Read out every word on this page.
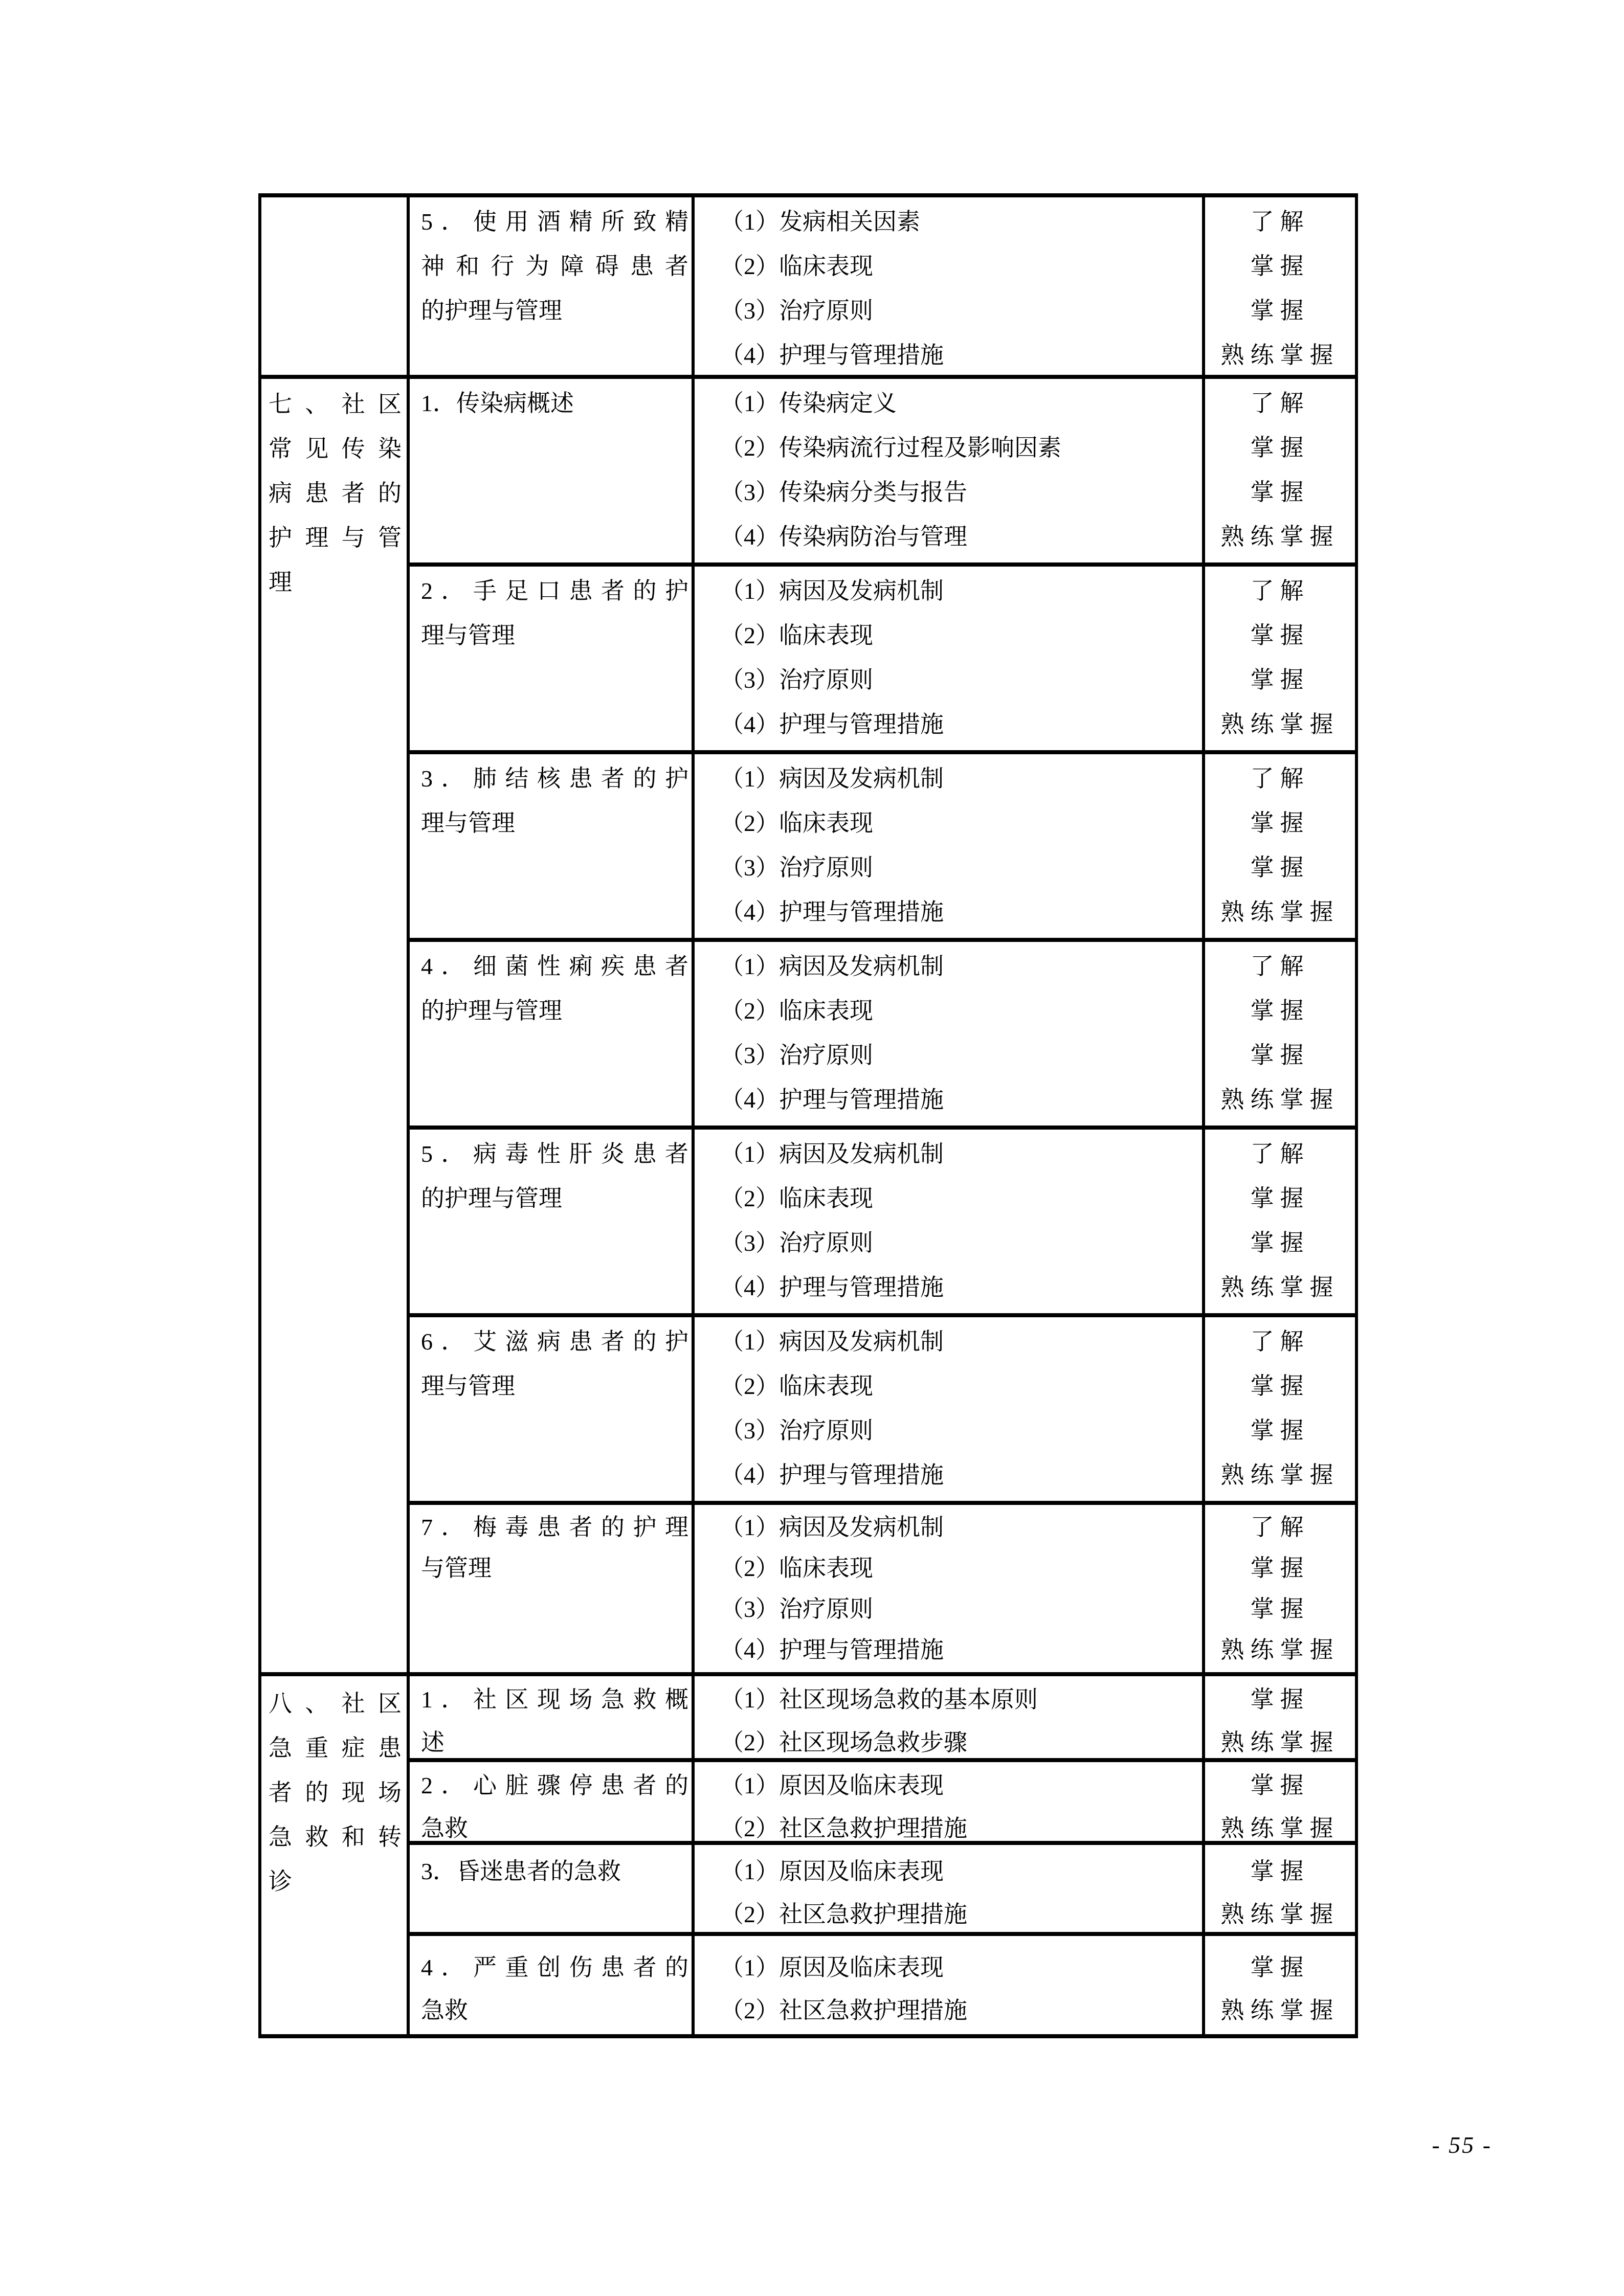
5 ． 使 用 酒 精 所 致 精
神 和 行 为 障 碍 患 者
的护理与管理
（1）发病相关因素
（2）临床表现
（3）治疗原则
（4）护理与管理措施
了解
掌握
掌握
熟练掌握
七 、 社 区
常 见 传 染
病 患 者 的
护 理 与 管
理
1．传染病概述	（1）传染病定义
（2）传染病流行过程及影响因素
（3）传染病分类与报告
（4）传染病防治与管理
了解
掌握
掌握
熟练掌握
2 ． 手 足 口 患 者 的 护
理与管理
（1）病因及发病机制
（2）临床表现
（3）治疗原则
（4）护理与管理措施
了解
掌握
掌握
熟练掌握
3 ． 肺 结 核 患 者 的 护
理与管理
（1）病因及发病机制
（2）临床表现
（3）治疗原则
（4）护理与管理措施
了解
掌握
掌握
熟练掌握
4 ． 细 菌 性 痢 疾 患 者
的护理与管理
（1）病因及发病机制
（2）临床表现
（3）治疗原则
（4）护理与管理措施
了解
掌握
掌握
熟练掌握
5 ． 病 毒 性 肝 炎 患 者
的护理与管理
（1）病因及发病机制
（2）临床表现
（3）治疗原则
（4）护理与管理措施
了解
掌握
掌握
熟练掌握
6 ． 艾 滋 病 患 者 的 护
理与管理
（1）病因及发病机制
（2）临床表现
（3）治疗原则
（4）护理与管理措施
了解
掌握
掌握
熟练掌握
7 ． 梅 毒 患 者 的 护 理
与管理
（1）病因及发病机制
（2）临床表现
（3）治疗原则
（4）护理与管理措施
了解
掌握
掌握
熟练掌握
八 、 社 区
急 重 症 患
者 的 现 场
急 救 和 转
诊
1 ． 社 区 现 场 急 救 概
述
（1）社区现场急救的基本原则
（2）社区现场急救步骤
掌握
熟练掌握
2 ． 心 脏 骤 停 患 者 的
急救
（1）原因及临床表现
（2）社区急救护理措施
掌握
熟练掌握
3．昏迷患者的急救	（1）原因及临床表现
（2）社区急救护理措施
掌握
熟练掌握
4 ． 严 重 创 伤 患 者 的
急救
（1）原因及临床表现
（2）社区急救护理措施
掌握
熟练掌握
- 55 -
